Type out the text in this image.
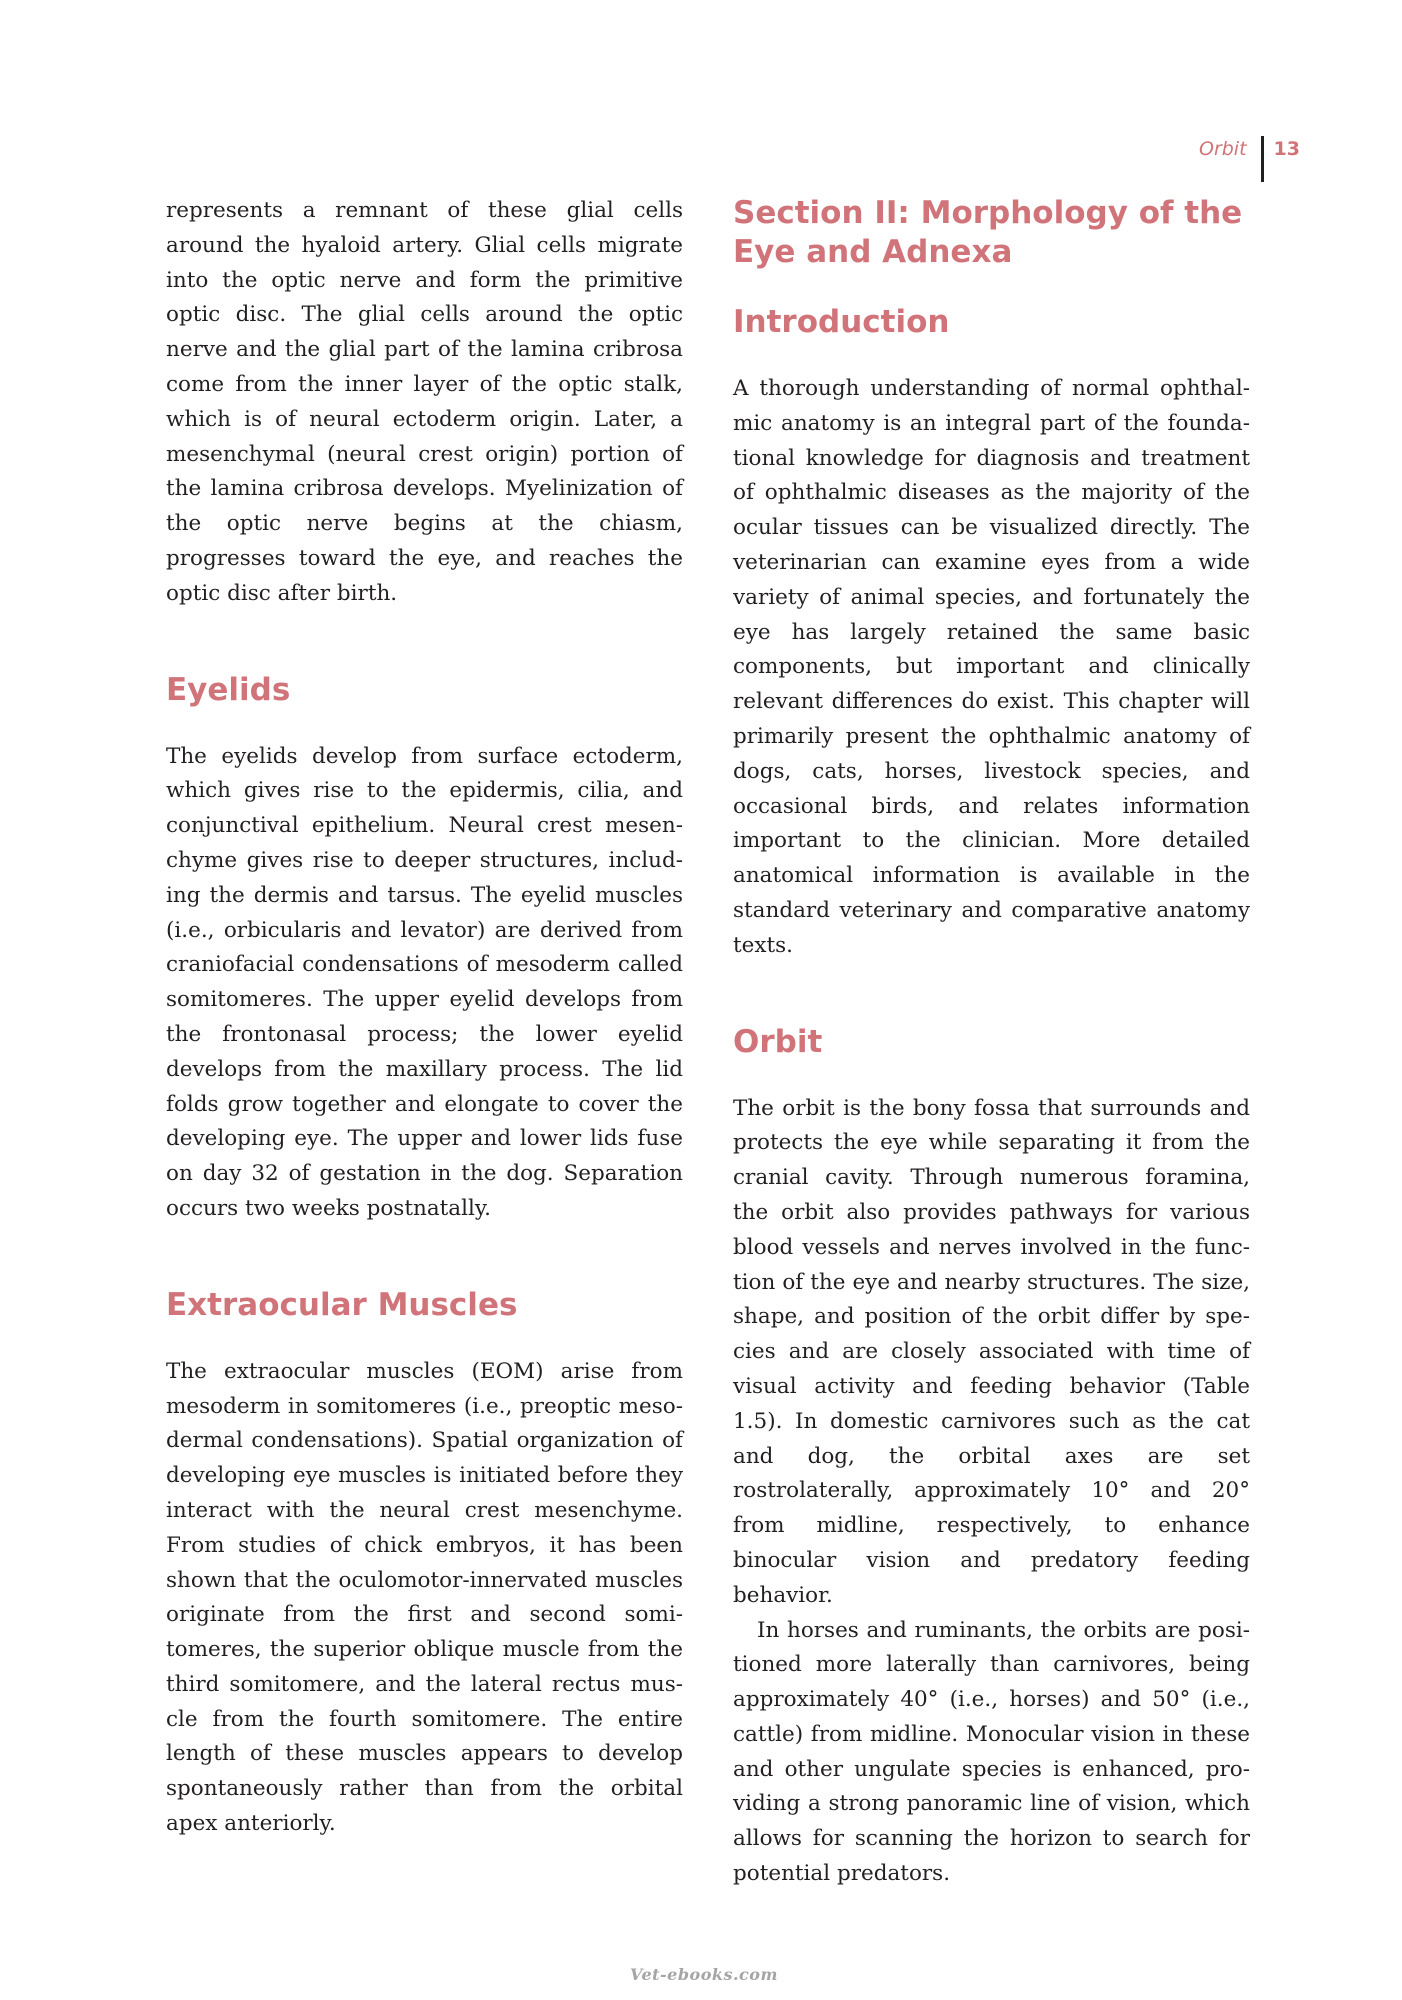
Orbit	13

represents a remnant of these glial cells around the hyaloid artery. Glial cells migrate into the optic nerve and form the primitive optic disc. The glial cells around the optic nerve and the glial part of the lamina cribrosa come from the inner layer of the optic stalk, which is of neural ectoderm origin. Later, a mesenchymal (neural crest origin) portion of the lamina cribrosa develops. Myelinization of the optic nerve begins at the chiasm, progresses toward the eye, and reaches the optic disc after birth.

Eyelids

The eyelids develop from surface ectoderm, which gives rise to the epidermis, cilia, and conjunctival epithelium. Neural crest mesenchyme gives rise to deeper structures, including the dermis and tarsus. The eyelid muscles (i.e., orbicularis and levator) are derived from craniofacial condensations of mesoderm called somitomeres. The upper eyelid develops from the frontonasal process; the lower eyelid develops from the maxillary process. The lid folds grow together and elongate to cover the developing eye. The upper and lower lids fuse on day 32 of gestation in the dog. Separation occurs two weeks postnatally.

Extraocular Muscles

The extraocular muscles (EOM) arise from mesoderm in somitomeres (i.e., preoptic mesodermal condensations). Spatial organization of developing eye muscles is initiated before they interact with the neural crest mesenchyme. From studies of chick embryos, it has been shown that the oculomotor-innervated muscles originate from the first and second somitomeres, the superior oblique muscle from the third somitomere, and the lateral rectus muscle from the fourth somitomere. The entire length of these muscles appears to develop spontaneously rather than from the orbital apex anteriorly.

Section II: Morphology of the Eye and Adnexa
Introduction

A thorough understanding of normal ophthalmic anatomy is an integral part of the foundational knowledge for diagnosis and treatment of ophthalmic diseases as the majority of the ocular tissues can be visualized directly. The veterinarian can examine eyes from a wide variety of animal species, and fortunately the eye has largely retained the same basic components, but important and clinically relevant differences do exist. This chapter will primarily present the ophthalmic anatomy of dogs, cats, horses, livestock species, and occasional birds, and relates information important to the clinician. More detailed anatomical information is available in the standard veterinary and comparative anatomy texts.

Orbit

The orbit is the bony fossa that surrounds and protects the eye while separating it from the cranial cavity. Through numerous foramina, the orbit also provides pathways for various blood vessels and nerves involved in the function of the eye and nearby structures. The size, shape, and position of the orbit differ by species and are closely associated with time of visual activity and feeding behavior (Table 1.5). In domestic carnivores such as the cat and dog, the orbital axes are set rostrolaterally, approximately 10° and 20° from midline, respectively, to enhance binocular vision and predatory feeding behavior.

In horses and ruminants, the orbits are positioned more laterally than carnivores, being approximately 40° (i.e., horses) and 50° (i.e., cattle) from midline. Monocular vision in these and other ungulate species is enhanced, providing a strong panoramic line of vision, which allows for scanning the horizon to search for potential predators.

Vet-ebooks.com
